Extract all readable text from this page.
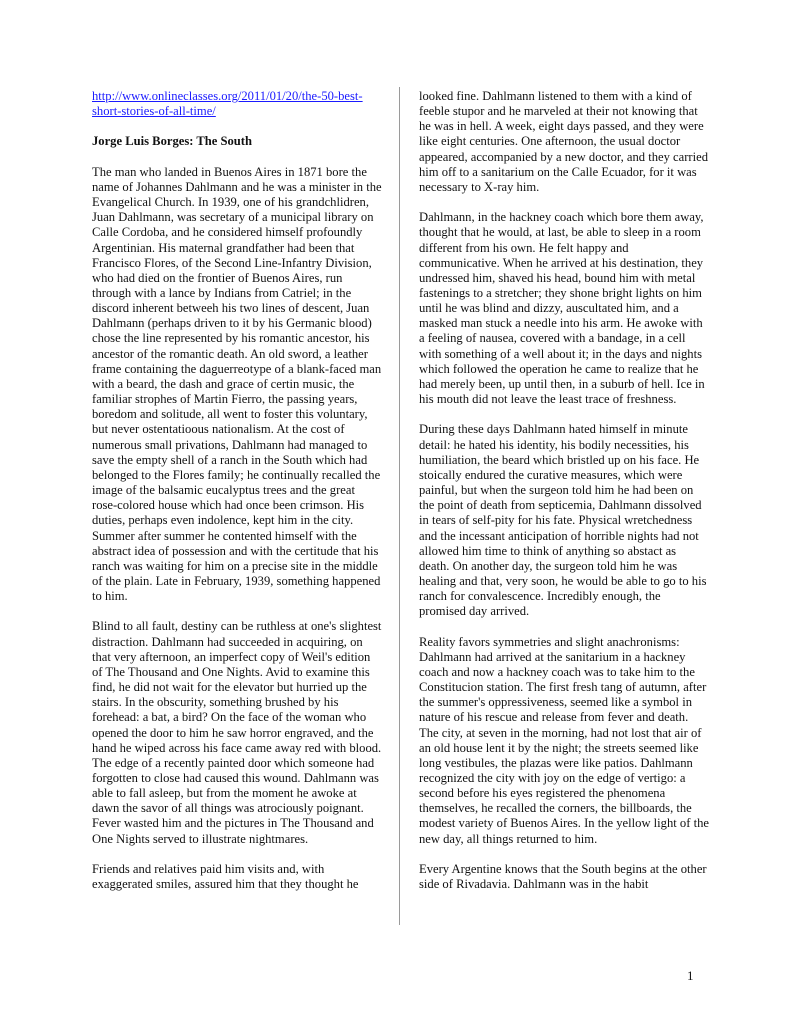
http://www.onlineclasses.org/2011/01/20/the-50-best-short-stories-of-all-time/
Jorge Luis Borges: The South

The man who landed in Buenos Aires in 1871 bore the name of Johannes Dahlmann and he was a minister in the Evangelical Church. In 1939, one of his grandchlidren, Juan Dahlmann, was secretary of a municipal library on Calle Cordoba, and he considered himself profoundly Argentinian. His maternal grandfather had been that Francisco Flores, of the Second Line-Infantry Division, who had died on the frontier of Buenos Aires, run through with a lance by Indians from Catriel; in the discord inherent betweeh his two lines of descent, Juan Dahlmann (perhaps driven to it by his Germanic blood) chose the line represented by his romantic ancestor, his ancestor of the romantic death. An old sword, a leather frame containing the daguerreotype of a blank-faced man with a beard, the dash and grace of certin music, the familiar strophes of Martin Fierro, the passing years, boredom and solitude, all went to foster this voluntary, but never ostentatioous nationalism. At the cost of numerous small privations, Dahlmann had managed to save the empty shell of a ranch in the South which had belonged to the Flores family; he continually recalled the image of the balsamic eucalyptus trees and the great rose-colored house which had once been crimson. His duties, perhaps even indolence, kept him in the city. Summer after summer he contented himself with the abstract idea of possession and with the certitude that his ranch was waiting for him on a precise site in the middle of the plain. Late in February, 1939, something happened to him.

Blind to all fault, destiny can be ruthless at one's slightest distraction. Dahlmann had succeeded in acquiring, on that very afternoon, an imperfect copy of Weil's edition of The Thousand and One Nights. Avid to examine this find, he did not wait for the elevator but hurried up the stairs. In the obscurity, something brushed by his forehead: a bat, a bird? On the face of the woman who opened the door to him he saw horror engraved, and the hand he wiped across his face came away red with blood. The edge of a recently painted door which someone had forgotten to close had caused this wound. Dahlmann was able to fall asleep, but from the moment he awoke at dawn the savor of all things was atrociously poignant. Fever wasted him and the pictures in The Thousand and One Nights served to illustrate nightmares.

Friends and relatives paid him visits and, with exaggerated smiles, assured him that they thought he

looked fine. Dahlmann listened to them with a kind of feeble stupor and he marveled at their not knowing that he was in hell. A week, eight days passed, and they were like eight centuries. One afternoon, the usual doctor appeared, accompanied by a new doctor, and they carried him off to a sanitarium on the Calle Ecuador, for it was necessary to X-ray him.

Dahlmann, in the hackney coach which bore them away, thought that he would, at last, be able to sleep in a room different from his own. He felt happy and communicative. When he arrived at his destination, they undressed him, shaved his head, bound him with metal fastenings to a stretcher; they shone bright lights on him until he was blind and dizzy, auscultated him, and a masked man stuck a needle into his arm. He awoke with a feeling of nausea, covered with a bandage, in a cell with something of a well about it; in the days and nights which followed the operation he came to realize that he had merely been, up until then, in a suburb of hell. Ice in his mouth did not leave the least trace of freshness.

During these days Dahlmann hated himself in minute detail: he hated his identity, his bodily necessities, his humiliation, the beard which bristled up on his face. He stoically endured the curative measures, which were painful, but when the surgeon told him he had been on the point of death from septicemia, Dahlmann dissolved in tears of self-pity for his fate. Physical wretchedness and the incessant anticipation of horrible nights had not allowed him time to think of anything so abstact as death. On another day, the surgeon told him he was healing and that, very soon, he would be able to go to his ranch for convalescence. Incredibly enough, the promised day arrived.

Reality favors symmetries and slight anachronisms: Dahlmann had arrived at the sanitarium in a hackney coach and now a hackney coach was to take him to the Constitucion station. The first fresh tang of autumn, after the summer's oppressiveness, seemed like a symbol in nature of his rescue and release from fever and death. The city, at seven in the morning, had not lost that air of an old house lent it by the night; the streets seemed like long vestibules, the plazas were like patios. Dahlmann recognized the city with joy on the edge of vertigo: a second before his eyes registered the phenomena themselves, he recalled the corners, the billboards, the modest variety of Buenos Aires. In the yellow light of the new day, all things returned to him.

Every Argentine knows that the South begins at the other side of Rivadavia. Dahlmann was in the habit

1
